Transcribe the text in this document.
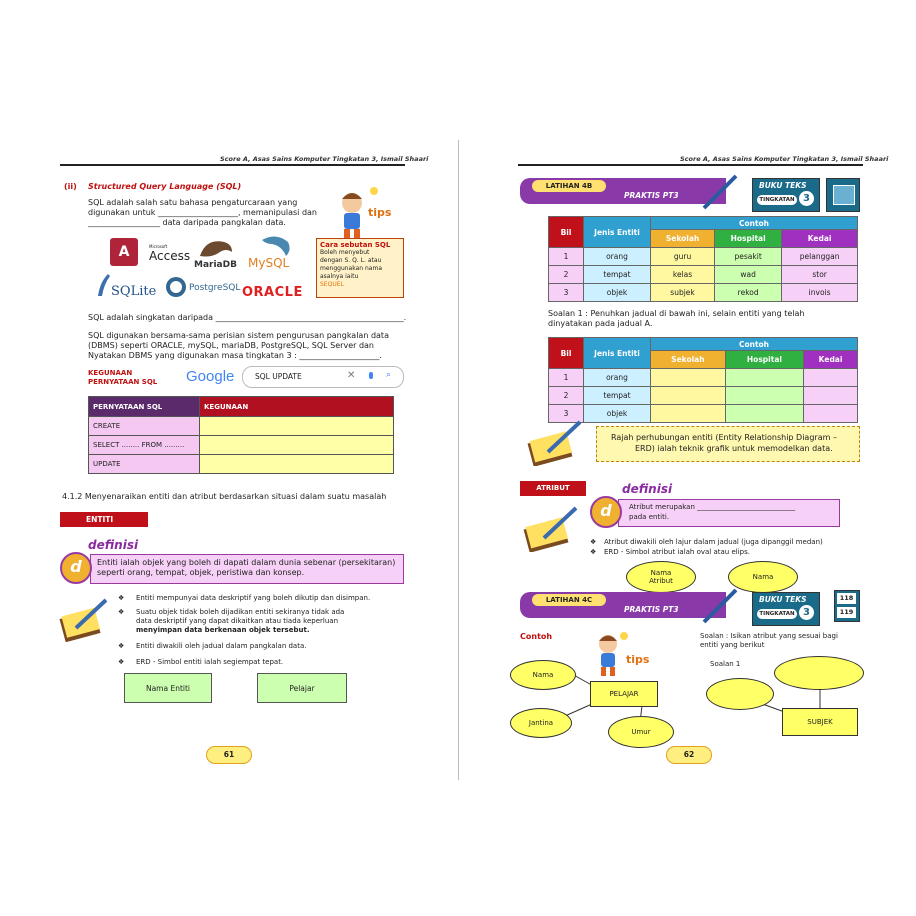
Score A, Asas Sains Komputer Tingkatan 3, Ismail Shaari
(ii) Structured Query Language (SQL)
SQL adalah salah satu bahasa pengaturcaraan yang
digunakan untuk ____________________, memanipulasi dan
__________________ data daripada pangkalan data.
tips
A	Microsoft
Access
MariaDB MySQL
SQLite	PostgreSQL ORACLE
Cara sebutan SQL
Boleh menyebut
dengan S. Q. L. atau
menggunakan nama
asalnya iaitu
SEQUEL
SQL adalah singkatan daripada _______________________________________________.
SQL digunakan bersama-sama perisian sistem pengurusan pangkalan data
(DBMS) seperti ORACLE, mySQL, mariaDB, PostgreSQL, SQL Server dan
Nyatakan DBMS yang digunakan masa tingkatan 3 : ____________________.
KEGUNAAN
PERNYATAAN SQL Google	SQL UPDATE	✕	⌕
PERNYATAAN SQL	KEGUNAAN
CREATE	
SELECT ........ FROM .........	
UPDATE	
4.1.2 Menyenaraikan entiti dan atribut berdasarkan situasi dalam suatu masalah
ENTITI
definisi
Entiti ialah objek yang boleh di dapati dalam dunia sebenar (persekitaran)
seperti orang, tempat, objek, peristiwa dan konsep.
d
❖ Entiti mempunyai data deskriptif yang boleh dikutip dan disimpan.
❖ Suatu objek tidak boleh dijadikan entiti sekiranya tidak ada
data deskriptif yang dapat dikaitkan atau tiada keperluan
menyimpan data berkenaan objek tersebut.
❖ Entiti diwakili oleh jadual dalam pangkalan data.
❖ ERD - Simbol entiti ialah segiempat tepat.
Nama Entiti	Pelajar
61
Score A, Asas Sains Komputer Tingkatan 3, Ismail Shaari
LATIHAN 4B
PRAKTIS PT3
BUKU TEKS
TINGKATAN 3
Bil	Jenis Entiti	Contoh		
		Sekolah	Hospital	Kedai
1	orang	guru	pesakit	pelanggan
2	tempat	kelas	wad	stor
3	objek	subjek	rekod	invois
Soalan 1 : Penuhkan jadual di bawah ini, selain entiti yang telah
dinyatakan pada jadual A.
Bil	Jenis Entiti	Contoh		
		Sekolah	Hospital	Kedai
1	orang			
2	tempat			
3	objek			
Rajah perhubungan entiti (Entity Relationship Diagram –
ERD) ialah teknik grafik untuk memodelkan data.
ATRIBUT	definisi
Atribut merupakan ____________________________
pada entiti.
d
❖ Atribut diwakili oleh lajur dalam jadual (juga dipanggil medan)
❖ ERD - Simbol atribut ialah oval atau elips.
Nama
Atribut	Nama
LATIHAN 4C
PRAKTIS PT3
BUKU TEKS
TINGKATAN 3
118
119
Contoh
tips
Soalan : Isikan atribut yang sesuai bagi
entiti yang berikut
Soalan 1
Nama
PELAJAR
Jantina
Umur
SUBJEK
62
